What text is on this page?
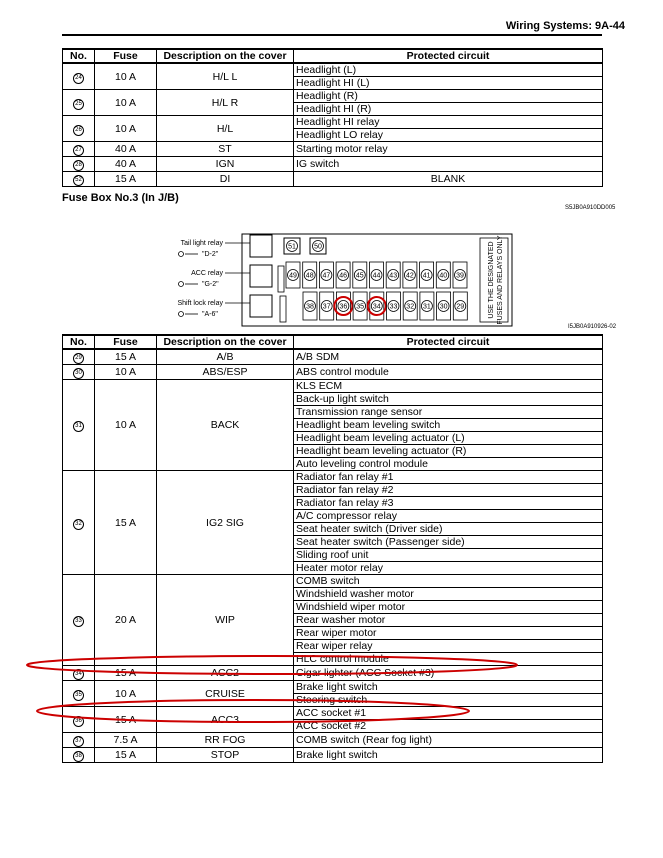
Wiring Systems: 9A-44
No.	Fuse	Description on the cover	Protected circuit
24	10 A	H/L L	Headlight (L)
			Headlight HI (L)
25	10 A	H/L R	Headlight (R)
			Headlight HI (R)
26	10 A	H/L	Headlight HI relay
			Headlight LO relay
27	40 A	ST	Starting motor relay
28	40 A	IGN	IG switch
52	15 A	DI	BLANK
Fuse Box No.3 (In J/B)
S5JB0A910DD005
Tail light relay
"D-2"
ACC relay
"G-2"
Shift lock relay
"A-6"
51	50
49 48 47 46 45 44 43 42 41 40 39
38 37 36 35 34 33 32 31 30 29	USE THE DESIGNATED FUSES AND RELAYS ONLY
I5JB0A910926-02
No.	Fuse	Description on the cover	Protected circuit
29	15 A	A/B	A/B SDM
30	10 A	ABS/ESP	ABS control module
31	10 A	BACK	KLS ECM
			Back-up light switch
			Transmission range sensor
			Headlight beam leveling switch
			Headlight beam leveling actuator (L)
			Headlight beam leveling actuator (R)
			Auto leveling control module
32	15 A	IG2 SIG	Radiator fan relay #1
			Radiator fan relay #2
			Radiator fan relay #3
			A/C compressor relay
			Seat heater switch (Driver side)
			Seat heater switch (Passenger side)
			Sliding roof unit
			Heater motor relay
33	20 A	WIP	COMB switch
			Windshield washer motor
			Windshield wiper motor
			Rear washer motor
			Rear wiper motor
			Rear wiper relay
			HLC control module
34	15 A	ACC2	Cigar lighter (ACC Socket #3)
35	10 A	CRUISE	Brake light switch
			Steering switch
36	15 A	ACC3	ACC socket #1
			ACC socket #2
37	7.5 A	RR FOG	COMB switch (Rear fog light)
38	15 A	STOP	Brake light switch
